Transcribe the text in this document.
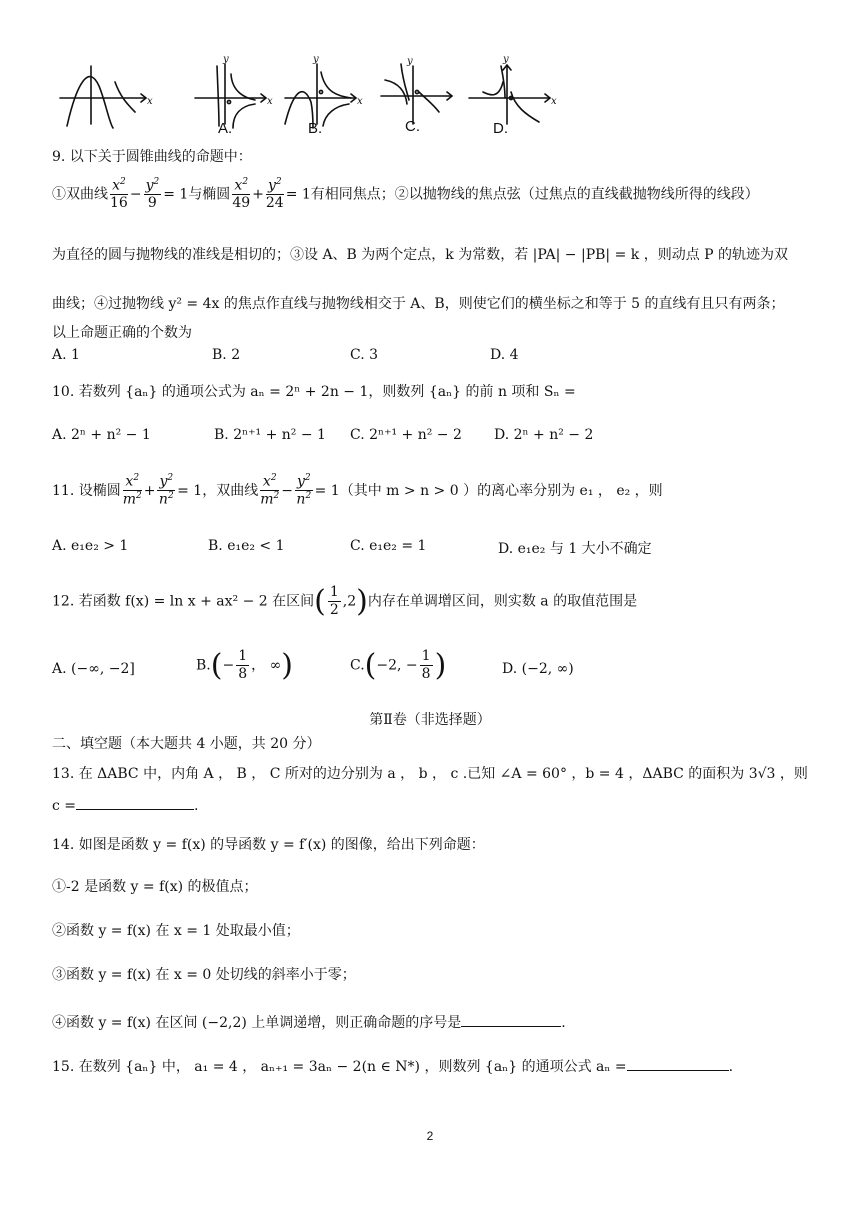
x
y
x
y
x
y	y
x
A.	B.	C.	D.
9. 以下关于圆锥曲线的命题中：
①双曲线 $\frac{x^2}{16} - \frac{y^2}{9} = 1$与椭圆 $\frac{x^2}{49} + \frac{y^2}{24} = 1$有相同焦点；②以抛物线的焦点弦（过焦点的直线截抛物线所得的线段）
为直径的圆与抛物线的准线是相切的；③设 A、B 为两个定点，k 为常数，若 |PA| − |PB| = k ，则动点 P 的轨迹为双
曲线；④过抛物线 y² = 4x 的焦点作直线与抛物线相交于 A、B，则使它们的横坐标之和等于 5 的直线有且只有两条；
以上命题正确的个数为
A. 1	B. 2	C. 3	D. 4
10. 若数列 {aₙ} 的通项公式为 aₙ = 2ⁿ + 2n − 1，则数列 {aₙ} 的前 n 项和 Sₙ =
A. 2ⁿ + n² − 1	B. 2ⁿ⁺¹ + n² − 1 C. 2ⁿ⁺¹ + n² − 2 D. 2ⁿ + n² − 2
11. 设椭圆 $\frac{x^2}{m^2} + \frac{y^2}{n^2} = 1$，双曲线 $\frac{x^2}{m^2} - \frac{y^2}{n^2} = 1$（其中 m > n > 0 ）的离心率分别为 e₁ ， e₂ ，则
A. e₁e₂ > 1	B. e₁e₂ < 1	C. e₁e₂ = 1	D. e₁e₂ 与 1 大小不确定
12. 若函数 f(x) = ln x + ax² − 2 在区间( $\frac{1}{2} ,2$)内存在单调增区间，则实数 a 的取值范围是
A. (−∞, −2]	$B.(- \frac{1}{8}$ ， ∞)	C.(−2, − $\frac{1}{8}$ )	D. (−2, ∞)
第Ⅱ卷（非选择题）
二、填空题（本大题共 4 小题，共 20 分）
13. 在 ΔABC 中，内角 A ， B ， C 所对的边分别为 a ， b ， c .已知 ∠A = 60° ，b = 4 ，ΔABC 的面积为 3√3 ，则
c =	.
14. 如图是函数 y = f(x) 的导函数 y = f′(x) 的图像，给出下列命题：
①-2 是函数 y = f(x) 的极值点；
②函数 y = f(x) 在 x = 1 处取最小值；
③函数 y = f(x) 在 x = 0 处切线的斜率小于零；
④函数 y = f(x) 在区间 (−2,2) 上单调递增，则正确命题的序号是	.
15. 在数列 {aₙ} 中， a₁ = 4 ， aₙ₊₁ = 3aₙ − 2(n ∈ N*) ，则数列 {aₙ} 的通项公式 aₙ =	.
2
